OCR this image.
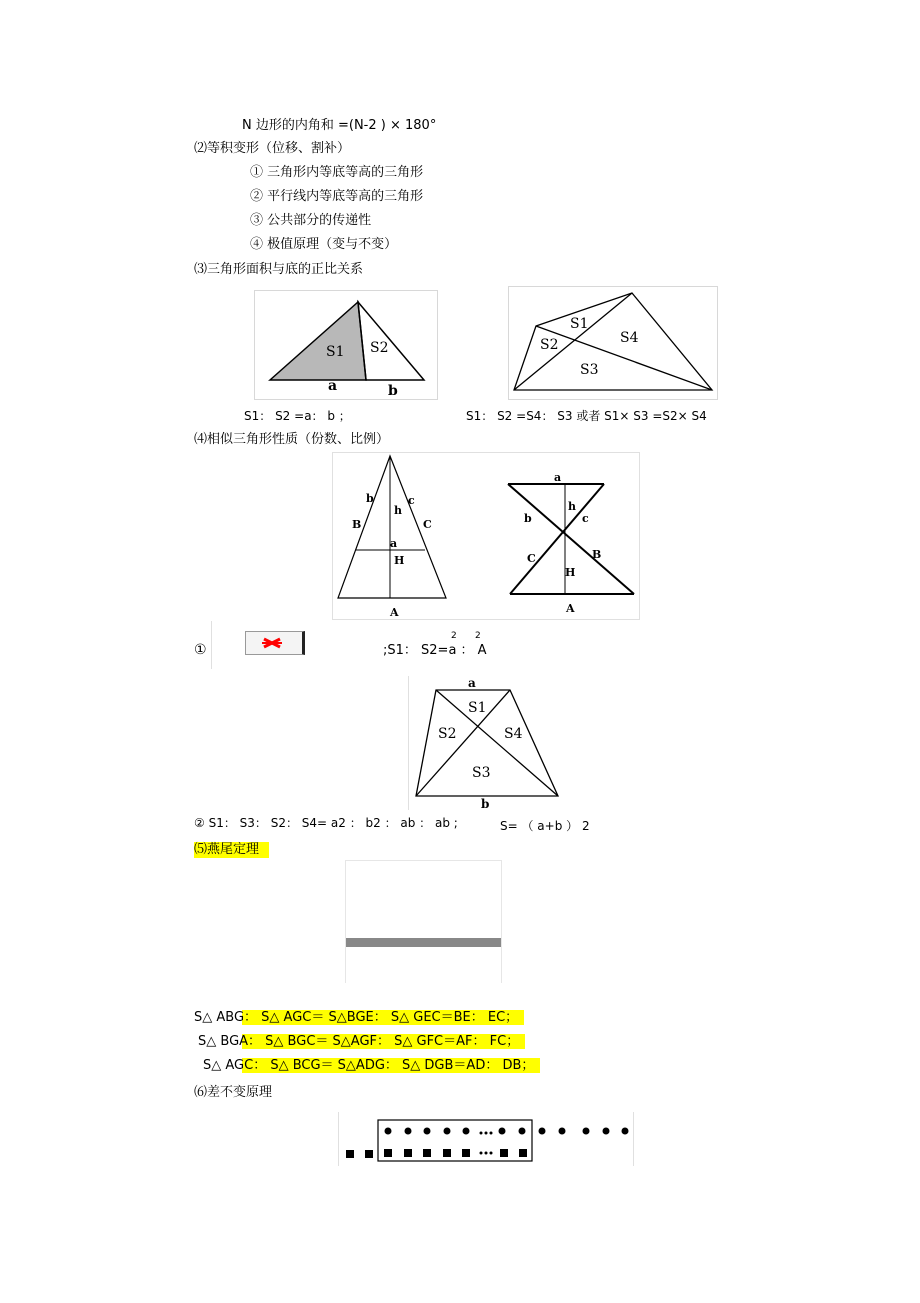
N 边形的内角和 =(N-2 ) × 180°
⑵等积变形（位移、割补）
① 三角形内等底等高的三角形
② 平行线内等底等高的三角形
③ 公共部分的传递性
④ 极值原理（变与不变）
⑶三角形面积与底的正比关系
S1 S2
a	b
S1
S2	S4
S3
S1： S2 =a： b ；	S1： S2 =S4： S3 或者 S1× S3 =S2× S4
⑷相似三角形性质（份数、比例）
b	c
h
B	C
a
H
A
a
b
h
c
C	B
H
A
①	;S1： S2=a ： A
2 2
a
S1
S2	S4
S3
b
② S1： S3： S2： S4= a2 ： b2 ： ab ： ab ;	S= （ a+b ） 2
⑸燕尾定理
S△ ABG： S△ AGC＝ S△BGE： S△ GEC＝BE： EC；
S△ BGA： S△ BGC＝ S△AGF： S△ GFC＝AF： FC；
S△ AGC： S△ BCG＝ S△ADG： S△ DGB＝AD： DB；
⑹差不变原理
